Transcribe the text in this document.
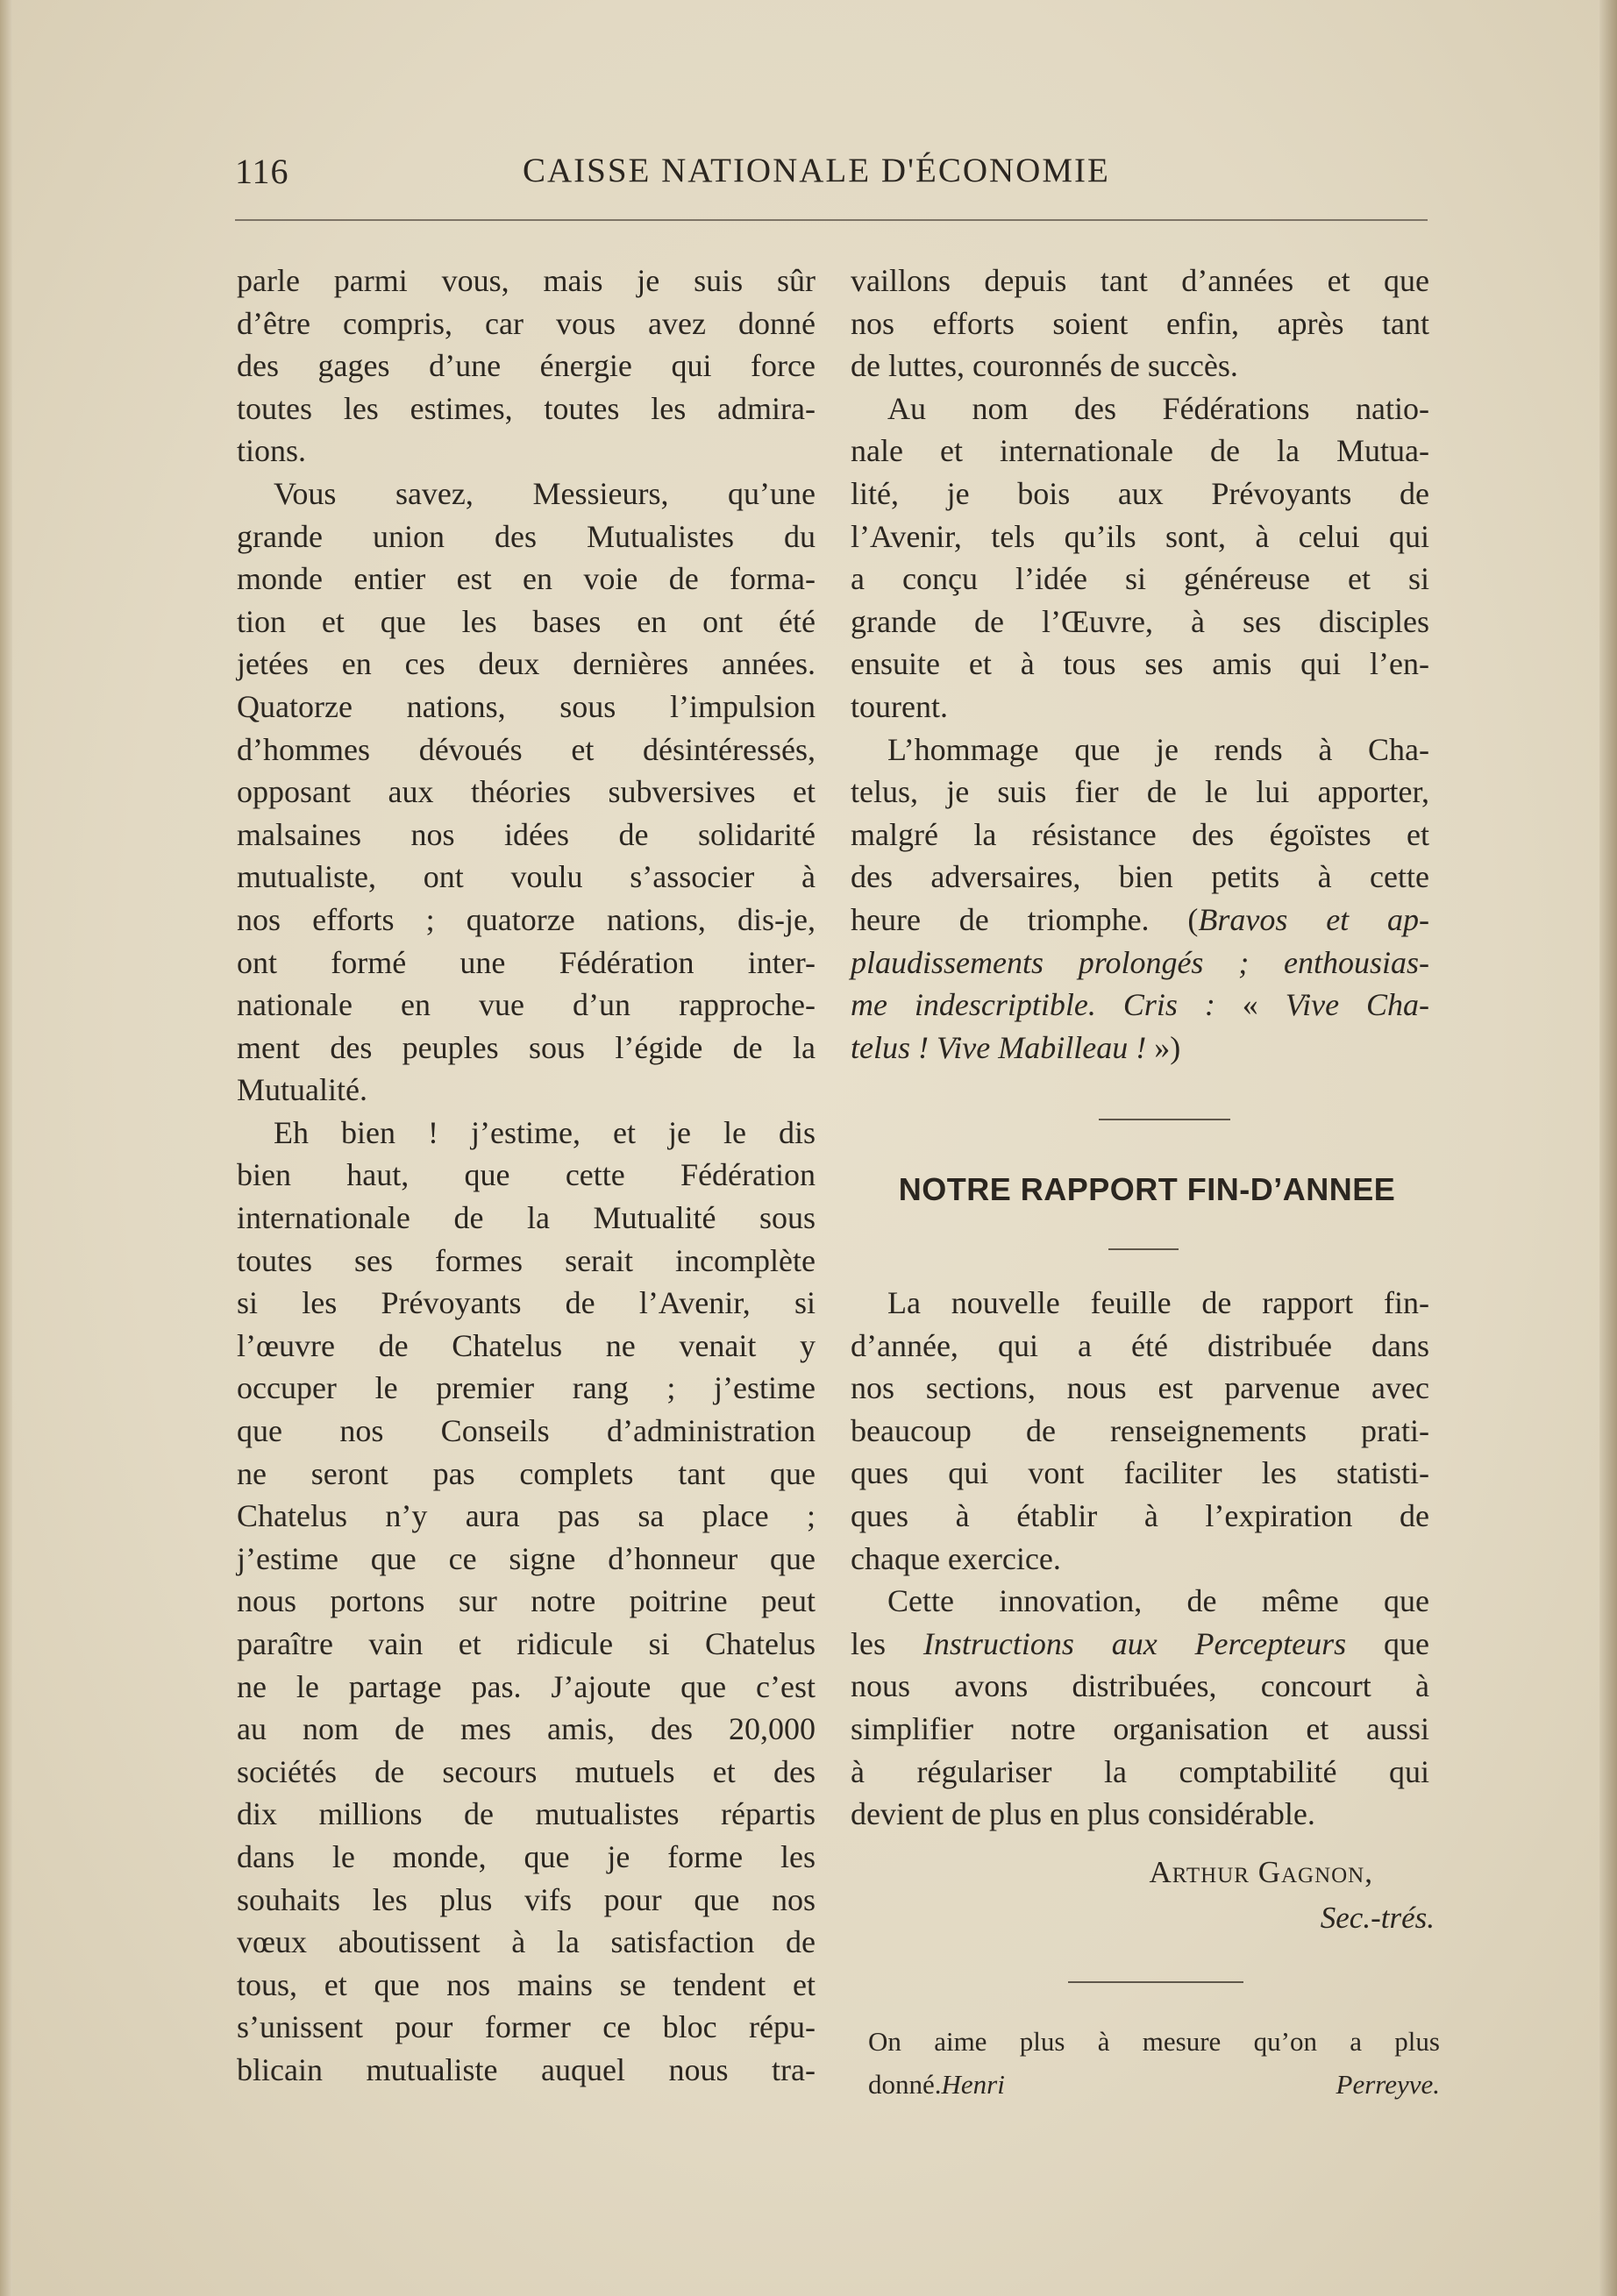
116	CAISSE NATIONALE D'ÉCONOMIE
parle parmi vous, mais je suis sûr
d’être compris, car vous avez donné
des gages d’une énergie qui force
toutes les estimes, toutes les admira-
tions.
Vous savez, Messieurs, qu’une
grande union des Mutualistes du
monde entier est en voie de forma-
tion et que les bases en ont été
jetées en ces deux dernières années.
Quatorze nations, sous l’impulsion
d’hommes dévoués et désintéressés,
opposant aux théories subversives et
malsaines nos idées de solidarité
mutualiste, ont voulu s’associer à
nos efforts ; quatorze nations, dis-je,
ont formé une Fédération inter-
nationale en vue d’un rapproche-
ment des peuples sous l’égide de la
Mutualité.
Eh bien ! j’estime, et je le dis
bien haut, que cette Fédération
internationale de la Mutualité sous
toutes ses formes serait incomplète
si les Prévoyants de l’Avenir, si
l’œuvre de Chatelus ne venait y
occuper le premier rang ; j’estime
que nos Conseils d’administration
ne seront pas complets tant que
Chatelus n’y aura pas sa place ;
j’estime que ce signe d’honneur que
nous portons sur notre poitrine peut
paraître vain et ridicule si Chatelus
ne le partage pas. J’ajoute que c’est
au nom de mes amis, des 20,000
sociétés de secours mutuels et des
dix millions de mutualistes répartis
dans le monde, que je forme les
souhaits les plus vifs pour que nos
vœux aboutissent à la satisfaction de
tous, et que nos mains se tendent et
s’unissent pour former ce bloc répu-
blicain mutualiste auquel nous tra-
vaillons depuis tant d’années et que
nos efforts soient enfin, après tant
de luttes, couronnés de succès.
Au nom des Fédérations natio-
nale et internationale de la Mutua-
lité, je bois aux Prévoyants de
l’Avenir, tels qu’ils sont, à celui qui
a conçu l’idée si généreuse et si
grande de l’Œuvre, à ses disciples
ensuite et à tous ses amis qui l’en-
tourent.
L’hommage que je rends à Cha-
telus, je suis fier de le lui apporter,
malgré la résistance des égoïstes et
des adversaires, bien petits à cette
heure de triomphe. (Bravos et ap-
plaudissements prolongés ; enthousias-
me indescriptible. Cris : « Vive Cha-
telus ! Vive Mabilleau ! »)
NOTRE RAPPORT FIN-D’ANNEE
La nouvelle feuille de rapport fin-
d’année, qui a été distribuée dans
nos sections, nous est parvenue avec
beaucoup de renseignements prati-
ques qui vont faciliter les statisti-
ques à établir à l’expiration de
chaque exercice.
Cette innovation, de même que
les Instructions aux Percepteurs que
nous avons distribuées, concourt à
simplifier notre organisation et aussi
à régulariser la comptabilité qui
devient de plus en plus considérable.
Arthur Gagnon,
Sec.-trés.
On aime plus à mesure qu’on a plus
donné.Henri Perreyve.
